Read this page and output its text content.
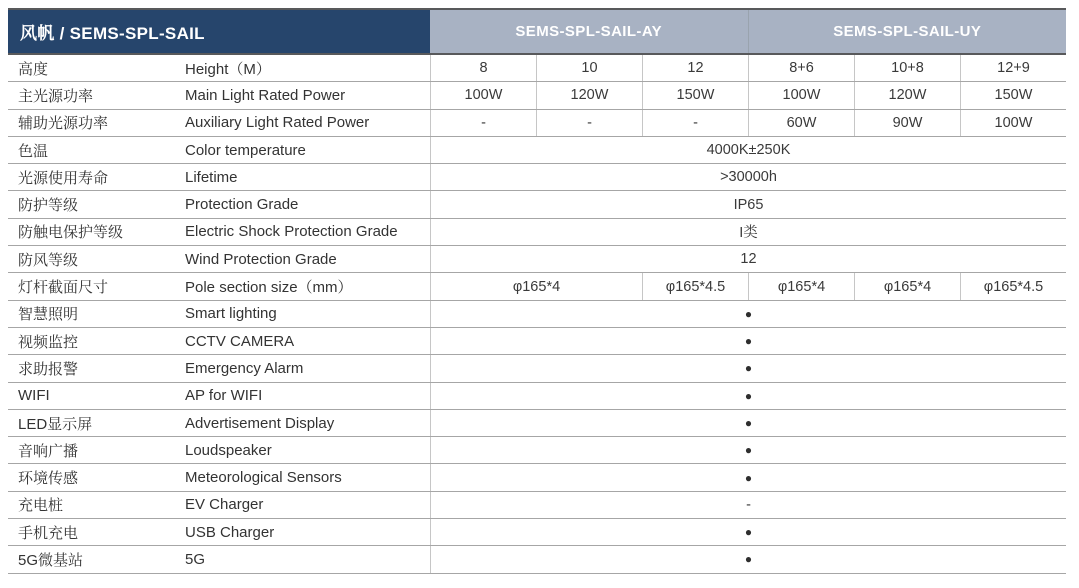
风帆 / SEMS-SPL-SAIL	SEMS-SPL-SAIL-AY	SEMS-SPL-SAIL-UY
高度	Height（M）	8	10	12	8+6	10+8	12+9
主光源功率	Main Light Rated Power	100W	120W	150W	100W	120W	150W
辅助光源功率	Auxiliary Light Rated Power	-	-	-	60W	90W	100W
色温	Color temperature	4000K±250K
光源使用寿命	Lifetime	>30000h
防护等级	Protection Grade	IP65
防触电保护等级	Electric Shock Protection Grade	I类
防风等级	Wind Protection Grade	12
灯杆截面尺寸	Pole section size（mm）	φ165*4	φ165*4.5	φ165*4	φ165*4	φ165*4.5
智慧照明	Smart lighting	●
视频监控	CCTV CAMERA	●
求助报警	Emergency Alarm	●
WIFI	AP for WIFI	●
LED显示屏	Advertisement Display	●
音响广播	Loudspeaker	●
环境传感	Meteorological Sensors	●
充电桩	EV Charger	-
手机充电	USB Charger	●
5G微基站	5G	●
